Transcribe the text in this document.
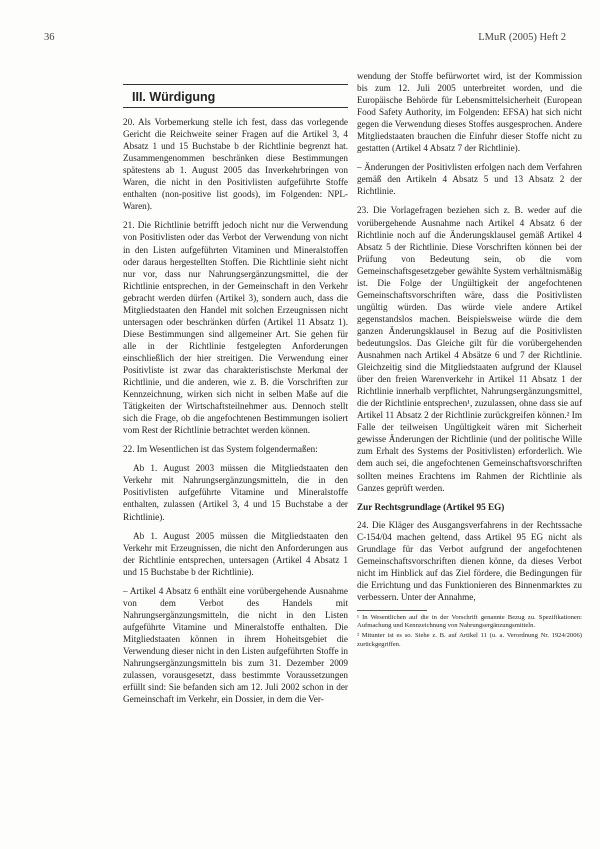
36	LMuR (2005) Heft 2
III. Würdigung

20. Als Vorbemerkung stelle ich fest, dass das vorlegende Gericht die Reichweite seiner Fragen auf die Artikel 3, 4 Absatz 1 und 15 Buchstabe b der Richtlinie begrenzt hat. Zusammengenommen beschränken diese Bestimmungen spätestens ab 1. August 2005 das Inverkehrbringen von Waren, die nicht in den Positivlisten aufgeführte Stoffe enthalten (non-positive list goods), im Folgenden: NPL-Waren).

21. Die Richtlinie betrifft jedoch nicht nur die Verwendung von Positivlisten oder das Verbot der Verwendung von nicht in den Listen aufgeführten Vitaminen und Mineralstoffen oder daraus hergestellten Stoffen. Die Richtlinie sieht nicht nur vor, dass nur Nahrungsergänzungsmittel, die der Richtlinie entsprechen, in der Gemeinschaft in den Verkehr gebracht werden dürfen (Artikel 3), sondern auch, dass die Mitgliedstaaten den Handel mit solchen Erzeugnissen nicht untersagen oder beschränken dürfen (Artikel 11 Absatz 1). Diese Bestimmungen sind allgemeiner Art. Sie gehen für alle in der Richtlinie festgelegten Anforderungen einschließlich der hier streitigen. Die Verwendung einer Positivliste ist zwar das charakteristischste Merkmal der Richtlinie, und die anderen, wie z. B. die Vorschriften zur Kennzeichnung, wirken sich nicht in selben Maße auf die Tätigkeiten der Wirtschaftsteilnehmer aus. Dennoch stellt sich die Frage, ob die angefochtenen Bestimmungen isoliert vom Rest der Richtlinie betrachtet werden können.

22. Im Wesentlichen ist das System folgendermaßen:

Ab 1. August 2003 müssen die Mitgliedstaaten den Verkehr mit Nahrungsergänzungsmitteln, die in den Positivlisten aufgeführte Vitamine und Mineralstoffe enthalten, zulassen (Artikel 3, 4 und 15 Buchstabe a der Richtlinie).

Ab 1. August 2005 müssen die Mitgliedstaaten den Verkehr mit Erzeugnissen, die nicht den Anforderungen aus der Richtlinie entsprechen, untersagen (Artikel 4 Absatz 1 und 15 Buchstabe b der Richtlinie).

– Artikel 4 Absatz 6 enthält eine vorübergehende Ausnahme von dem Verbot des Handels mit Nahrungsergänzungsmitteln, die nicht in den Listen aufgeführte Vitamine und Mineralstoffe enthalten. Die Mitgliedstaaten können in ihrem Hoheitsgebiet die Verwendung dieser nicht in den Listen aufgeführten Stoffe in Nahrungsergänzungsmitteln bis zum 31. Dezember 2009 zulassen, vorausgesetzt, dass bestimmte Voraussetzungen erfüllt sind: Sie befanden sich am 12. Juli 2002 schon in der Gemeinschaft im Verkehr, ein Dossier, in dem die Ver-

wendung der Stoffe befürwortet wird, ist der Kommission bis zum 12. Juli 2005 unterbreitet worden, und die Europäische Behörde für Lebensmittelsicherheit (European Food Safety Authority, im Folgenden: EFSA) hat sich nicht gegen die Verwendung dieses Stoffes ausgesprochen. Andere Mitgliedstaaten brauchen die Einfuhr dieser Stoffe nicht zu gestatten (Artikel 4 Absatz 7 der Richtlinie).

– Änderungen der Positivlisten erfolgen nach dem Verfahren gemäß den Artikeln 4 Absatz 5 und 13 Absatz 2 der Richtlinie.

23. Die Vorlagefragen beziehen sich z. B. weder auf die vorübergehende Ausnahme nach Artikel 4 Absatz 6 der Richtlinie noch auf die Änderungsklausel gemäß Artikel 4 Absatz 5 der Richtlinie. Diese Vorschriften können bei der Prüfung von Bedeutung sein, ob die vom Gemeinschaftsgesetzgeber gewählte System verhältnismäßig ist. Die Folge der Ungültigkeit der angefochtenen Gemeinschaftsvorschriften wäre, dass die Positivlisten ungültig würden. Das würde viele andere Artikel gegenstandslos machen. Beispielsweise würde die dem ganzen Änderungsklausel in Bezug auf die Positivlisten bedeutungslos. Das Gleiche gilt für die vorübergehenden Ausnahmen nach Artikel 4 Absätze 6 und 7 der Richtlinie. Gleichzeitig sind die Mitgliedstaaten aufgrund der Klausel über den freien Warenverkehr in Artikel 11 Absatz 1 der Richtlinie innerhalb verpflichtet, Nahrungsergänzungsmittel, die der Richtlinie entsprechen¹, zuzulassen, ohne dass sie auf Artikel 11 Absatz 2 der Richtlinie zurückgreifen können.² Im Falle der teilweisen Ungültigkeit wären mit Sicherheit gewisse Änderungen der Richtlinie (und der politische Wille zum Erhalt des Systems der Positivlisten) erforderlich. Wie dem auch sei, die angefochtenen Gemeinschaftsvorschriften sollten meines Erachtens im Rahmen der Richtlinie als Ganzes geprüft werden.

Zur Rechtsgrundlage (Artikel 95 EG)

24. Die Kläger des Ausgangsverfahrens in der Rechtssache C-154/04 machen geltend, dass Artikel 95 EG nicht als Grundlage für das Verbot aufgrund der angefochtenen Gemeinschaftsvorschriften dienen könne, da dieses Verbot nicht im Hinblick auf das Ziel fördere, die Bedingungen für die Errichtung und das Funktionieren des Binnenmarktes zu verbessern. Unter der Annahme,

¹ In Wesentlichen auf die in der Vorschrift genannte Bezug zu. Spezifikationen: Aufmachung und Kennzeichnung von Nahrungsergänzungsmitteln.
² Mitunter ist es so. Siehe z. B. auf Artikel 11 (u. a. Verordnung Nr. 1924/2006) zurückgegriffen.
